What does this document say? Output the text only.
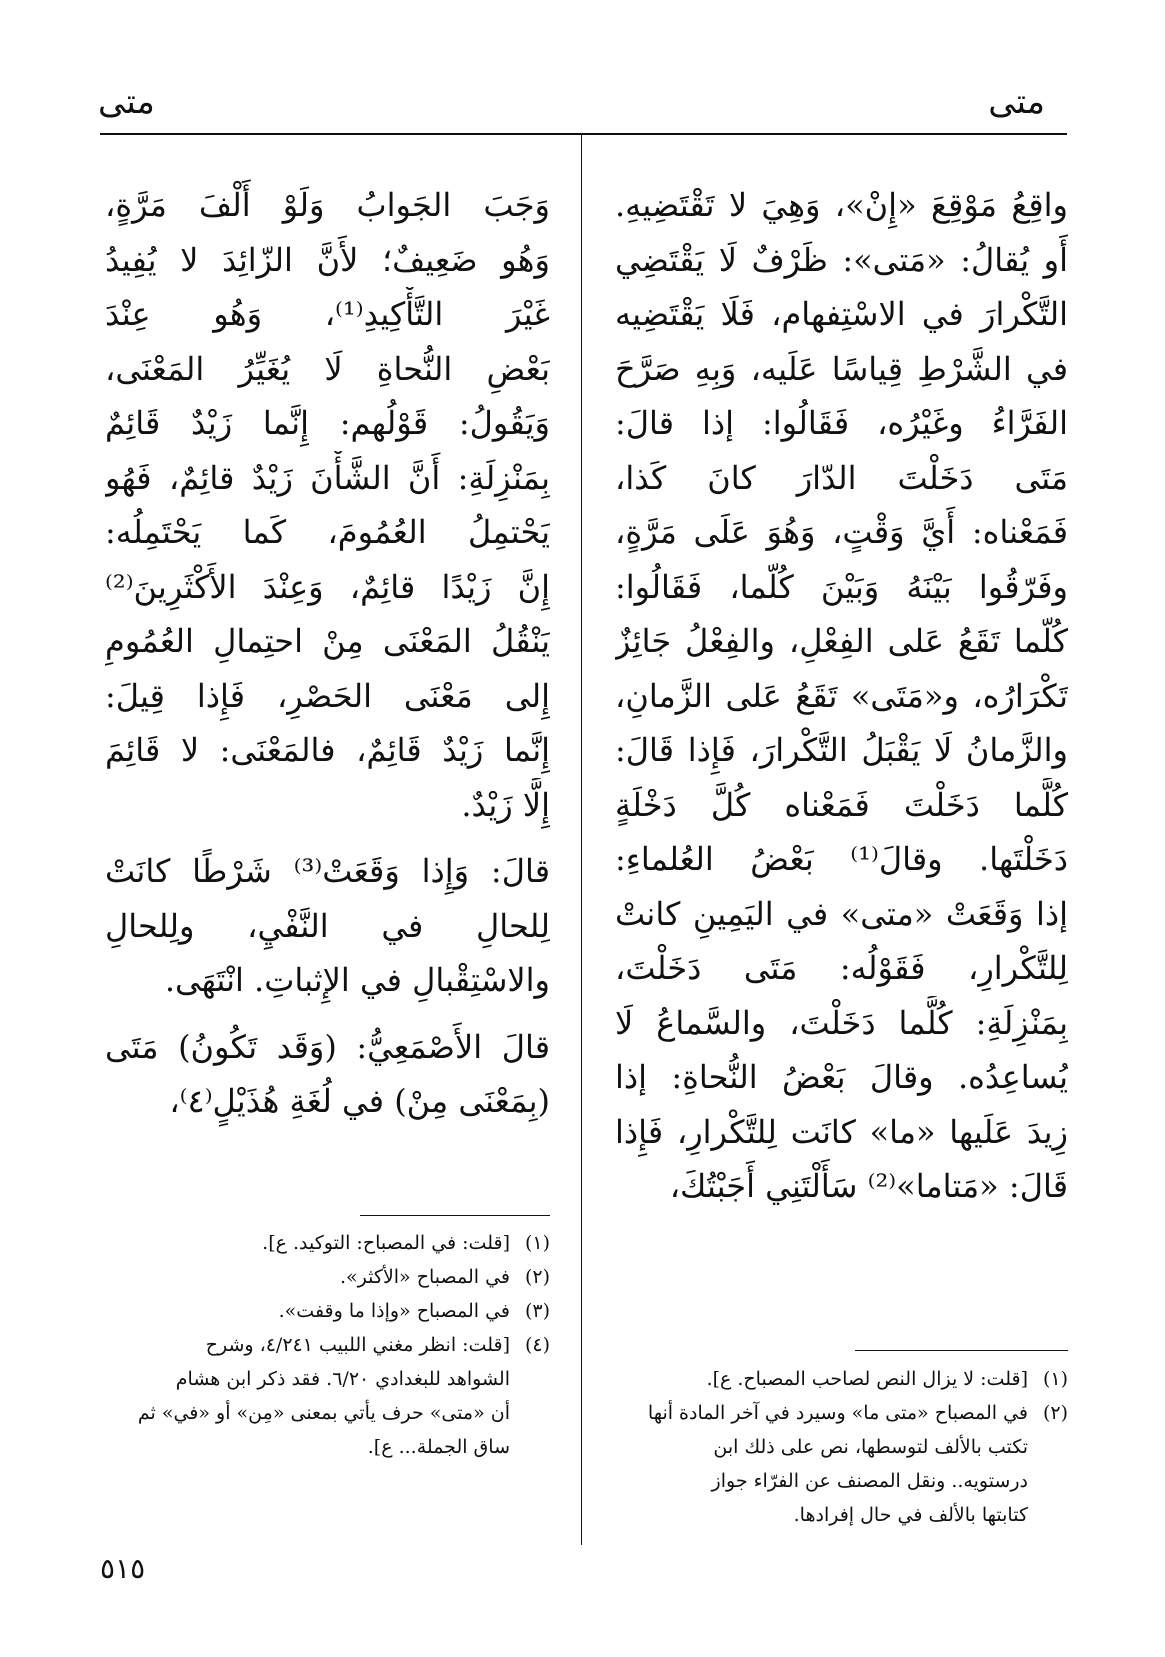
متى
متى
واقِعُ مَوْقِعَ «إِنْ»، وَهِيَ لا تَقْتَضِيهِ.
أَو يُقالُ: «مَتى»: ظَرْفٌ لَا يَقْتَضِي
التَّكْرارَ في الاسْتِفهام، فَلَا يَقْتَضِيه
في الشَّرْطِ قِياسًا عَلَيه، وَبِهِ صَرَّحَ
الفَرَّاءُ وغَيْرُه، فَقَالُوا: إذا قالَ:
مَتَى دَخَلْتَ الدّارَ كانَ كَذا،
فَمَعْناه: أَيَّ وَقْتٍ، وَهُوَ عَلَى مَرَّةٍ،
وفَرّقُوا بَيْنَهُ وَبَيْنَ كُلّما، فَقَالُوا:
كُلّما تَقَعُ عَلى الفِعْلِ، والفِعْلُ جَائِزٌ
تَكْرَارُه، و«مَتَى» تَقَعُ عَلى الزَّمانِ،
والزَّمانُ لَا يَقْبَلُ التَّكْرارَ، فَإِذا قَالَ:
كُلَّما دَخَلْتَ فَمَعْناه كُلَّ دَخْلَةٍ
دَخَلْتَها. وقالَ⁽¹⁾ بَعْضُ العُلماءِ:
إذا وَقَعَتْ «متى» في اليَمِينِ كانتْ
لِلتَّكْرارِ، فَقَوْلُه: مَتَى دَخَلْتَ،
بِمَنْزِلَةِ: كُلَّما دَخَلْتَ، والسَّماعُ لَا
يُساعِدُه. وقالَ بَعْضُ النُّحاةِ: إذا
زِيدَ عَلَيها «ما» كانَت لِلتَّكْرارِ، فَإِذا
قَالَ: «مَتاما»⁽²⁾ سَأَلْتَنِي أَجَبْتُكَ،
وَجَبَ الجَوابُ وَلَوْ أَلْفَ مَرَّةٍ،
وَهُو ضَعِيفٌ؛ لأَنَّ الزّائِدَ لا يُفِيدُ
غَيْرَ التَّأْكِيدِ⁽¹⁾، وَهُو عِنْدَ
بَعْضِ النُّحاةِ لَا يُغَيِّرُ المَعْنَى،
وَيَقُولُ: قَوْلُهم: إِنَّما زَيْدٌ قَائِمٌ
بِمَنْزِلَةِ: أَنَّ الشَّأْنَ زَيْدٌ قائِمٌ، فَهُو
يَحْتمِلُ العُمُومَ، كَما يَحْتَمِلُه:
إِنَّ زَيْدًا قائِمٌ، وَعِنْدَ الأَكْثَرِينَ⁽²⁾
يَنْقُلُ المَعْنَى مِنْ احتِمالِ العُمُومِ
إِلى مَعْنَى الحَصْرِ، فَإِذا قِيلَ:
إِنَّما زَيْدٌ قَائِمٌ، فالمَعْنَى: لا قَائِمَ
إِلَّا زَيْدٌ.
قالَ: وَإِذا وَقَعَتْ⁽³⁾ شَرْطًا كانَتْ
لِلحالِ في النَّفْيِ، ولِلحالِ
والاسْتِقْبالِ في الإِثباتِ. انْتَهَى.
قالَ الأَصْمَعِيُّ: (وَقَد تَكُونُ) مَتَى
(بِمَعْنَى مِنْ) في لُغَةِ هُذَيْلٍ⁽٤⁾،
(١)[قلت: لا يزال النص لصاحب المصباح. ع].
(٢)في المصباح «متى ما» وسيرد في آخر المادة أنها
تكتب بالألف لتوسطها، نص على ذلك ابن
درستويه.. ونقل المصنف عن الفرّاء جواز
كتابتها بالألف في حال إفرادها.
(١)[قلت: في المصباح: التوكيد. ع].
(٢)في المصباح «الأكثر».
(٣)في المصباح «وإذا ما وقفت».
(٤)[قلت: انظر مغني اللبيب ٤/٢٤١، وشرح
الشواهد للبغدادي ٦/٢٠. فقد ذكر ابن هشام
أن «متى» حرف يأتي بمعنى «مِن» أو «في» ثم
ساق الجملة... ع].
٥١٥
